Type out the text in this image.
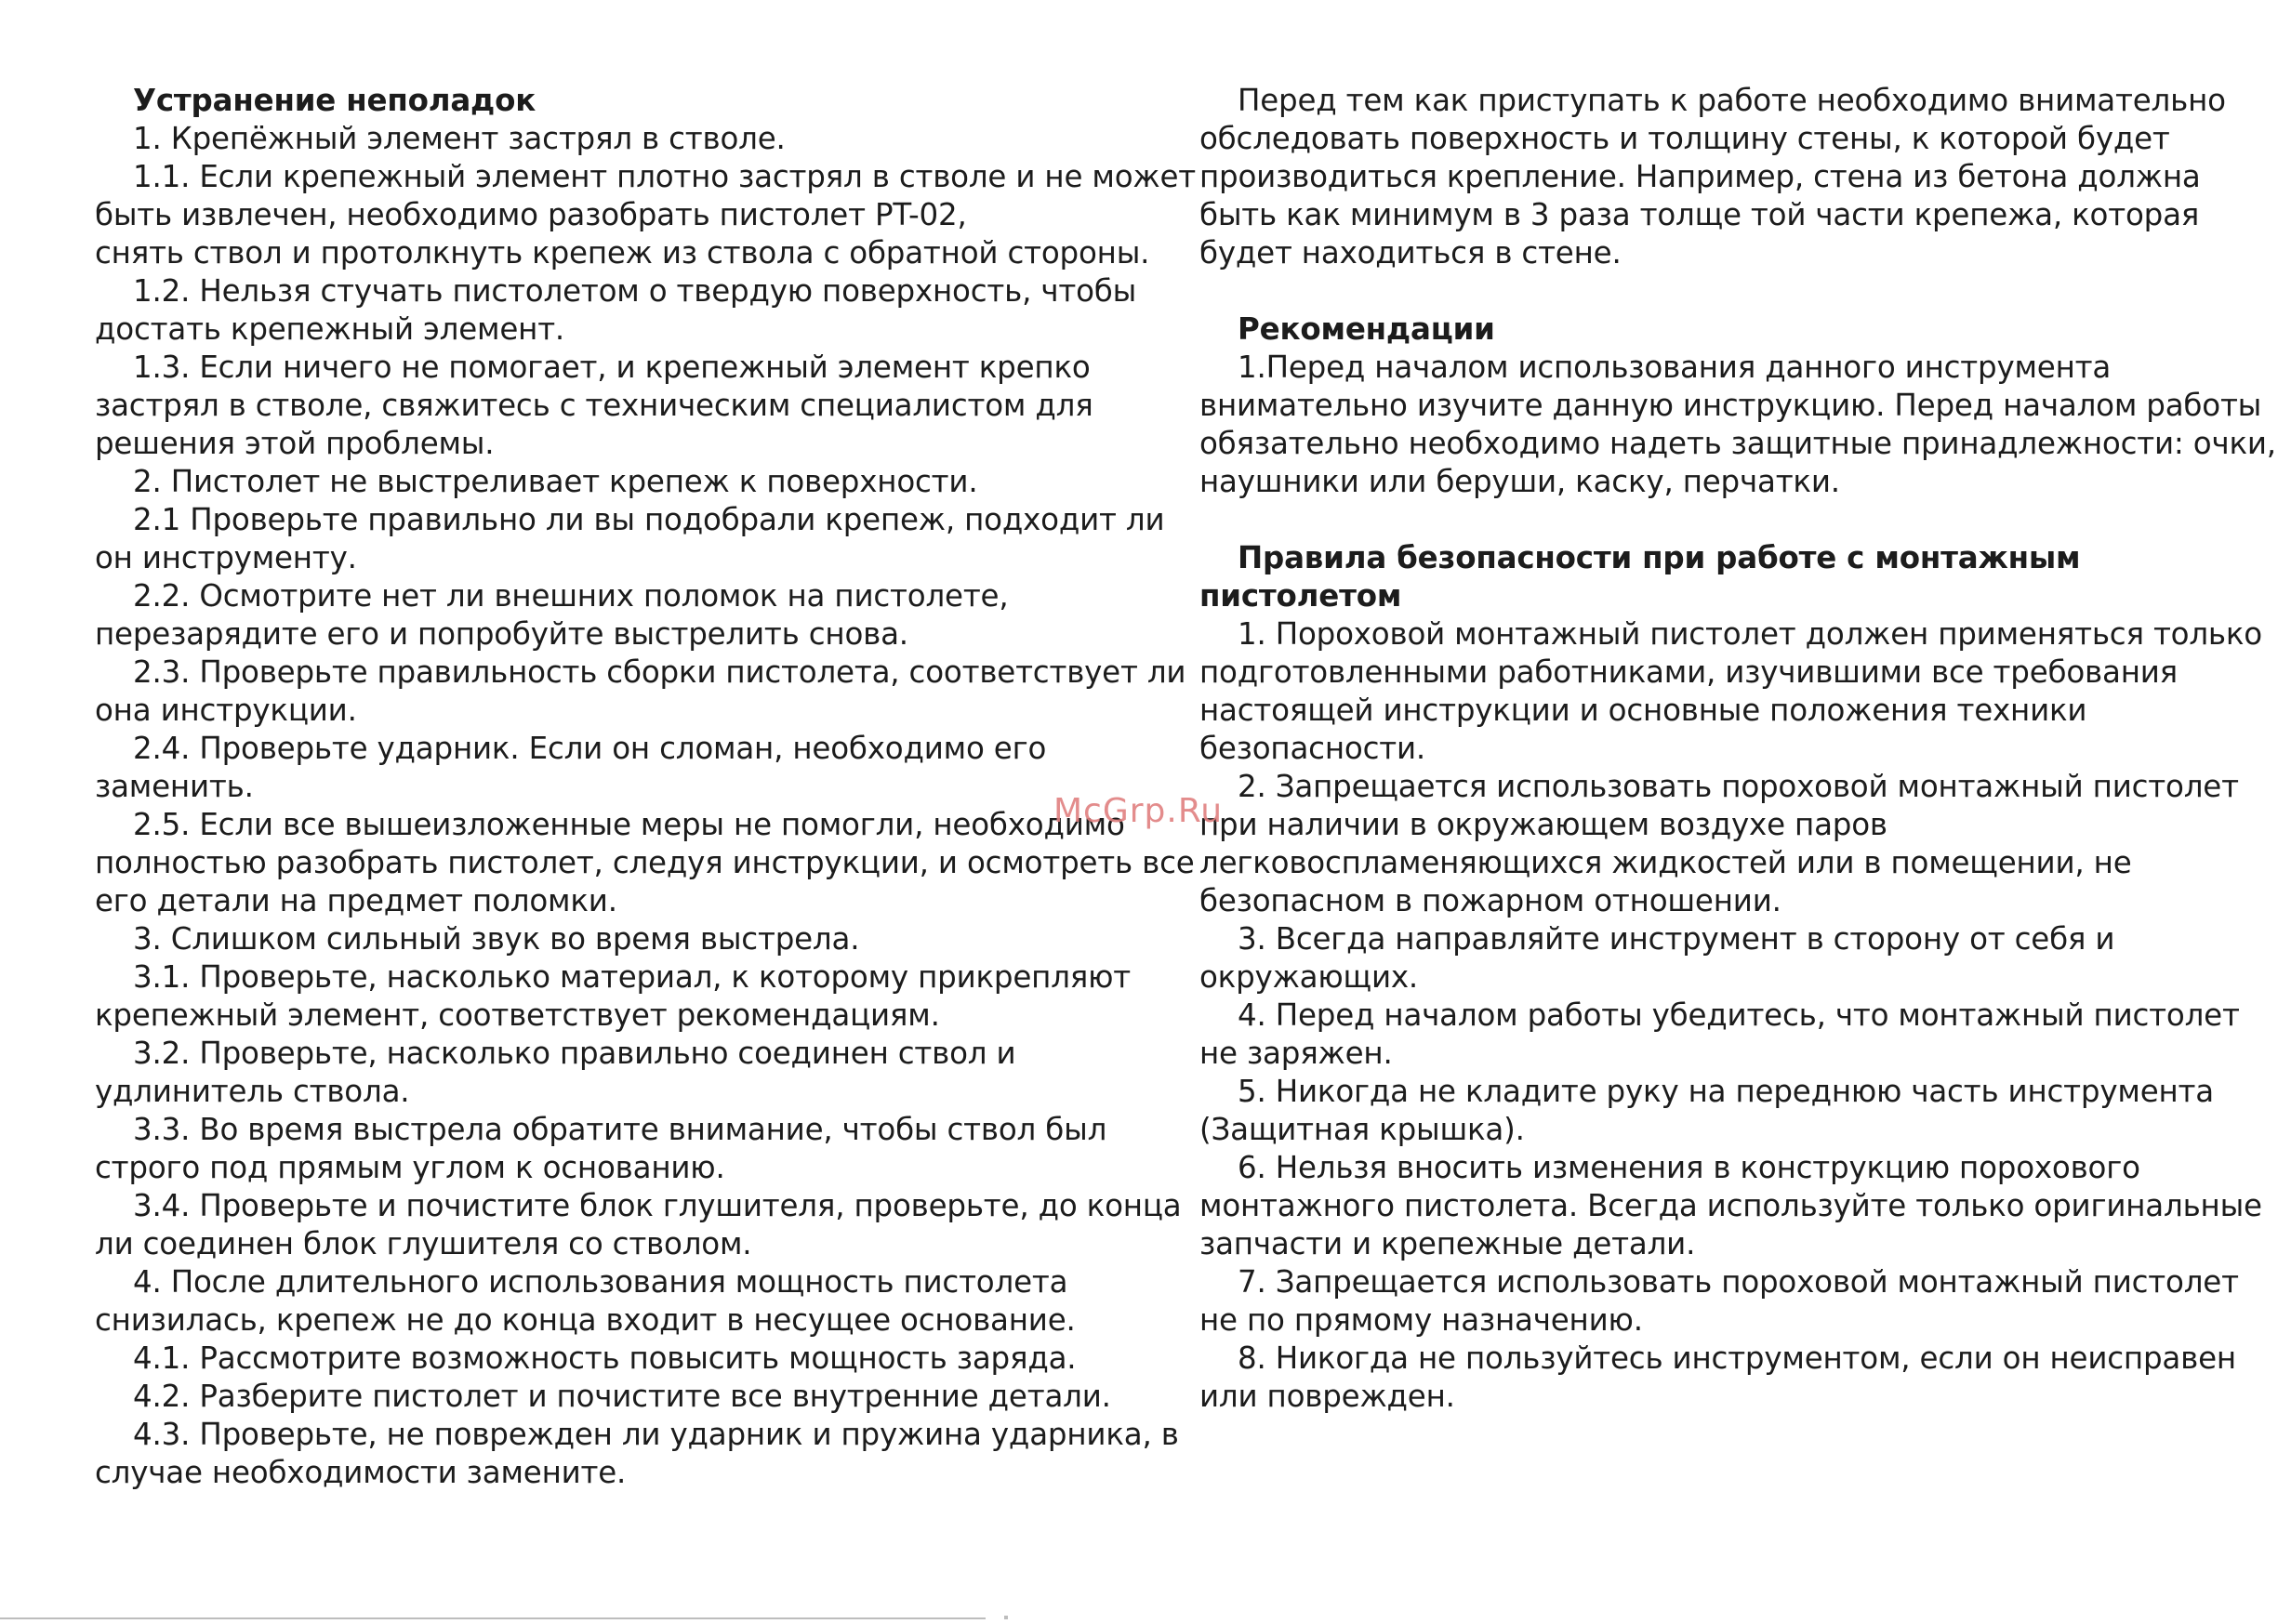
Устранение неполадок
1. Крепёжный элемент застрял в стволе.
1.1. Если крепежный элемент плотно застрял в стволе и не может
быть извлечен, необходимо разобрать пистолет PT-02,
снять ствол и протолкнуть крепеж из ствола с обратной стороны.
1.2. Нельзя стучать пистолетом о твердую поверхность, чтобы
достать крепежный элемент.
1.3. Если ничего не помогает, и крепежный элемент крепко
застрял в стволе, свяжитесь с техническим специалистом для
решения этой проблемы.
2. Пистолет не выстреливает крепеж к поверхности.
2.1 Проверьте правильно ли вы подобрали крепеж, подходит ли
он инструменту.
2.2. Осмотрите нет ли внешних поломок на пистолете,
перезарядите его и попробуйте выстрелить снова.
2.3. Проверьте правильность сборки пистолета, соответствует ли
она инструкции.
2.4. Проверьте ударник. Если он сломан, необходимо его
заменить.
2.5. Если все вышеизложенные меры не помогли, необходимо
полностью разобрать пистолет, следуя инструкции, и осмотреть все
его детали на предмет поломки.
3. Слишком сильный звук во время выстрела.
3.1. Проверьте, насколько материал, к которому прикрепляют
крепежный элемент, соответствует рекомендациям.
3.2. Проверьте, насколько правильно соединен ствол и
удлинитель ствола.
3.3. Во время выстрела обратите внимание, чтобы ствол был
строго под прямым углом к основанию.
3.4. Проверьте и почистите блок глушителя, проверьте, до конца
ли соединен блок глушителя со стволом.
4. После длительного использования мощность пистолета
снизилась, крепеж не до конца входит в несущее основание.
4.1. Рассмотрите возможность повысить мощность заряда.
4.2. Разберите пистолет и почистите все внутренние детали.
4.3. Проверьте, не поврежден ли ударник и пружина ударника, в
случае необходимости замените.
Перед тем как приступать к работе необходимо внимательно
обследовать поверхность и толщину стены, к которой будет
производиться крепление. Например, стена из бетона должна
быть как минимум в 3 раза толще той части крепежа, которая
будет находиться в стене.
Рекомендации
1.Перед началом использования данного инструмента
внимательно изучите данную инструкцию. Перед началом работы
обязательно необходимо надеть защитные принадлежности: очки,
наушники или беруши, каску, перчатки.
Правила безопасности при работе с монтажным
пистолетом
1. Пороховой монтажный пистолет должен применяться только
подготовленными работниками, изучившими все требования
настоящей инструкции и основные положения техники
безопасности.
2. Запрещается использовать пороховой монтажный пистолет
при наличии в окружающем воздухе паров
легковоспламеняющихся жидкостей или в помещении, не
безопасном в пожарном отношении.
3. Всегда направляйте инструмент в сторону от себя и
окружающих.
4. Перед началом работы убедитесь, что монтажный пистолет
не заряжен.
5. Никогда не кладите руку на переднюю часть инструмента
(Защитная крышка).
6. Нельзя вносить изменения в конструкцию порохового
монтажного пистолета. Всегда используйте только оригинальные
запчасти и крепежные детали.
7. Запрещается использовать пороховой монтажный пистолет
не по прямому назначению.
8. Никогда не пользуйтесь инструментом, если он неисправен
или поврежден.
McGrp.Ru
